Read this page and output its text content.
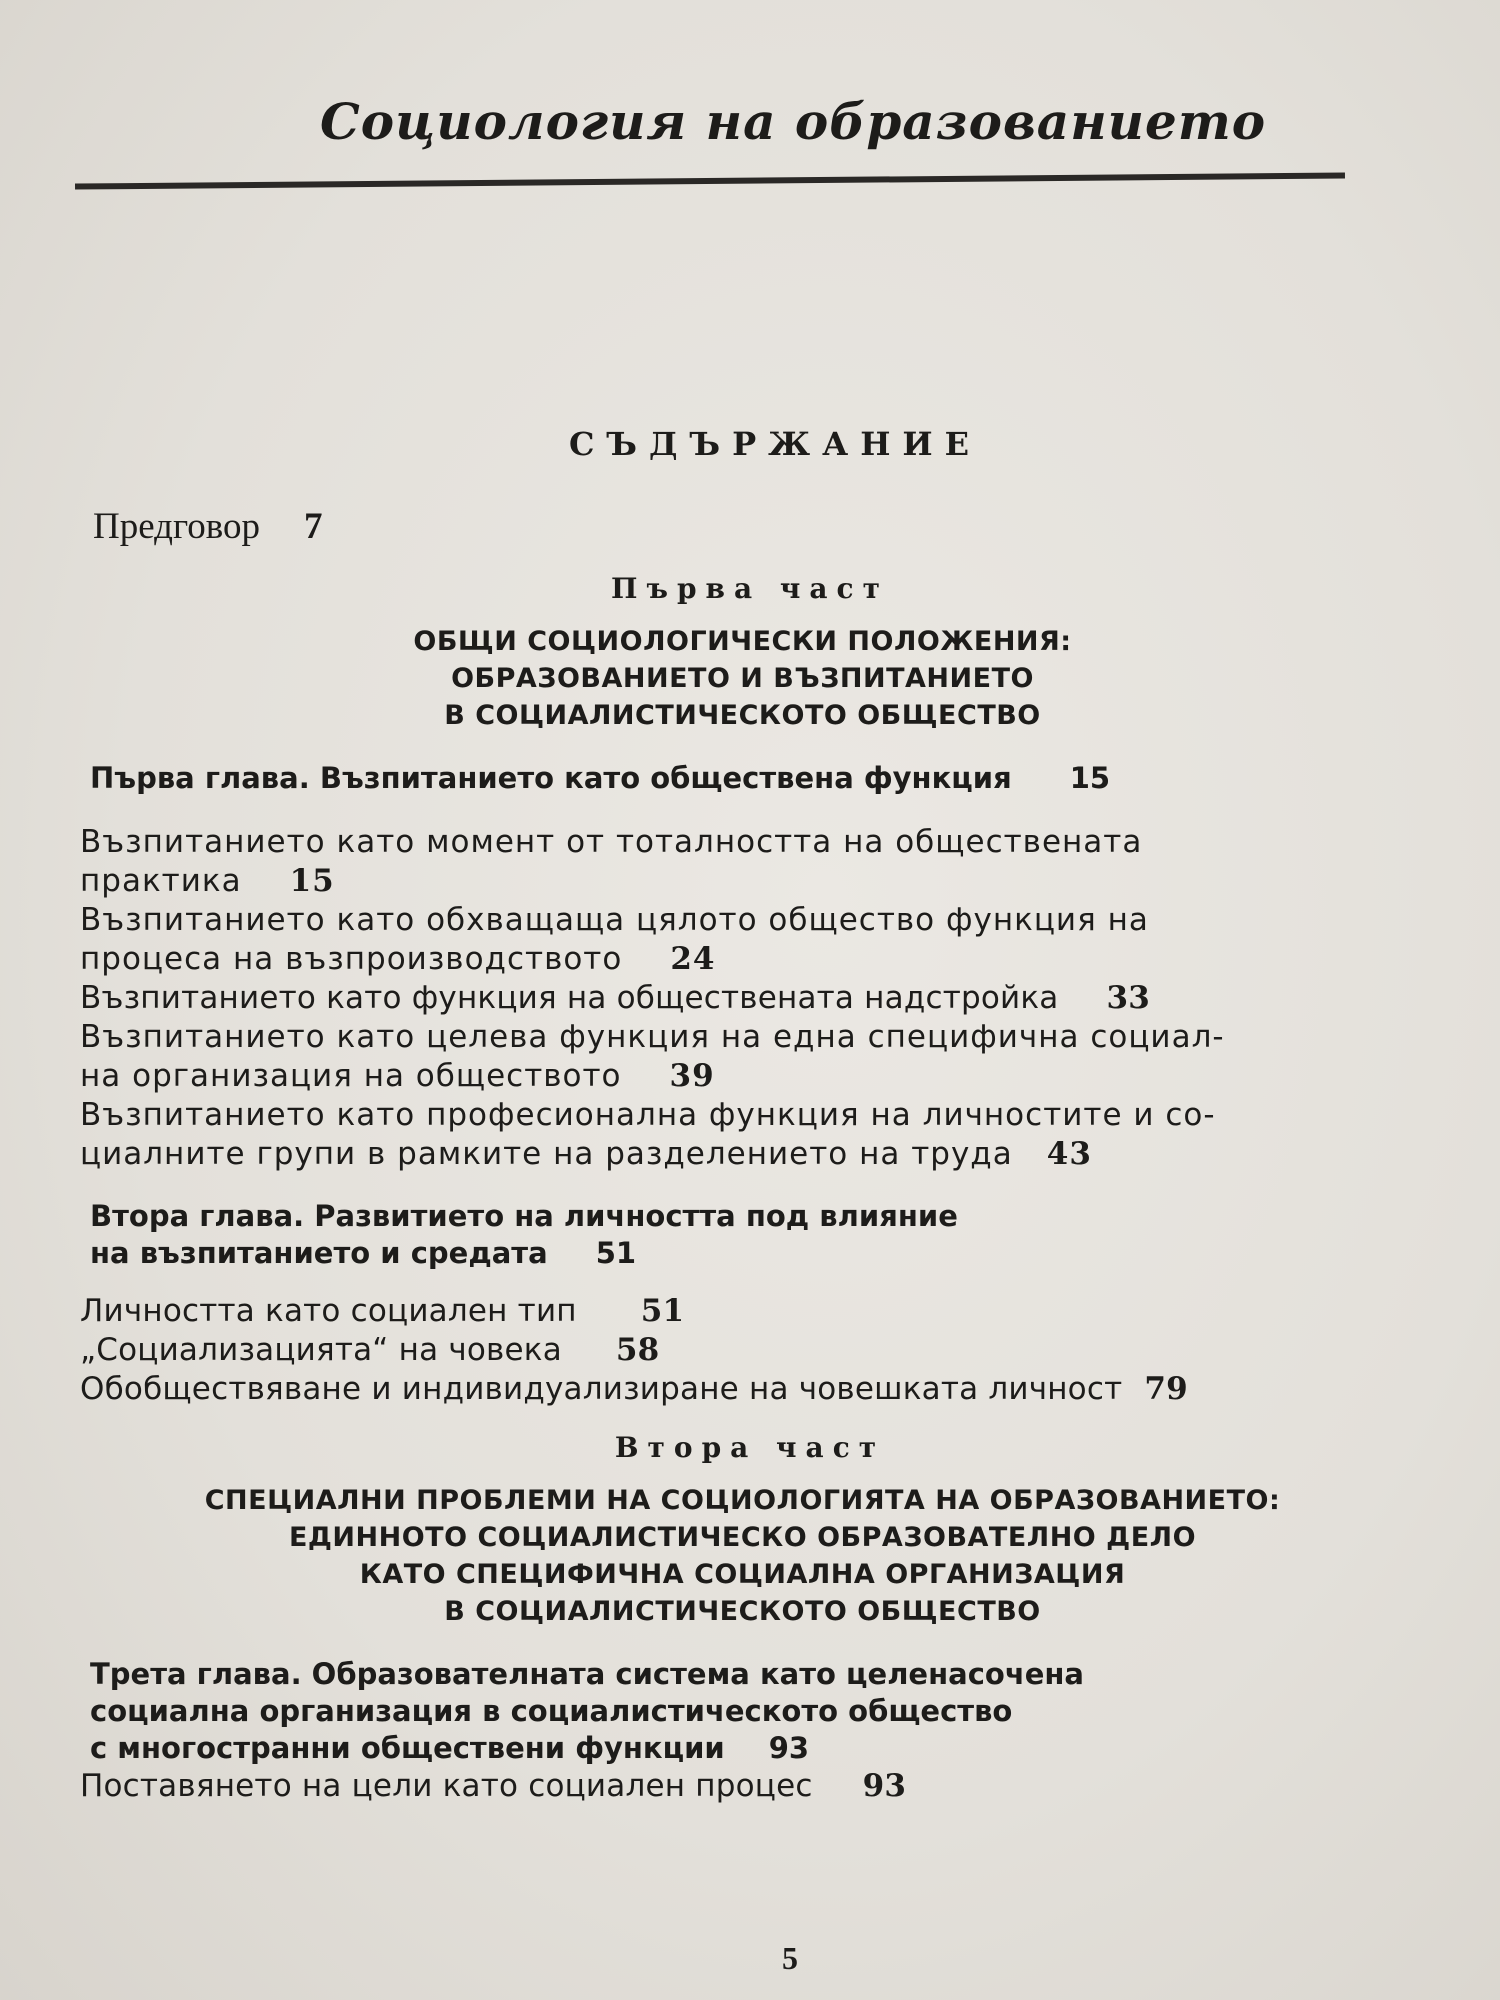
Социология на образованието
СЪДЪРЖАНИЕ
Предговор 7
Първа част
ОБЩИ СОЦИОЛОГИЧЕСКИ ПОЛОЖЕНИЯ:
ОБРАЗОВАНИЕТО И ВЪЗПИТАНИЕТО
В СОЦИАЛИСТИЧЕСКОТО ОБЩЕСТВО
Първа глава. Възпитанието като обществена функция 15
Възпитанието като момент от тоталността на обществената
практика 15
Възпитанието като обхващаща цялото общество функция на
процеса на възпроизводството 24
Възпитанието като функция на обществената надстройка 33
Възпитанието като целева функция на една специфична социал-
на организация на обществото 39
Възпитанието като професионална функция на личностите и со-
циалните групи в рамките на разделението на труда 43
Втора глава. Развитието на личността под влияние
на възпитанието и средата 51
Личността като социален тип 51
„Социализацията“ на човека 58
Обобществяване и индивидуализиране на човешката личност 79
Втора част
СПЕЦИАЛНИ ПРОБЛЕМИ НА СОЦИОЛОГИЯТА НА ОБРАЗОВАНИЕТО:
ЕДИННОТО СОЦИАЛИСТИЧЕСКО ОБРАЗОВАТЕЛНО ДЕЛО
КАТО СПЕЦИФИЧНА СОЦИАЛНА ОРГАНИЗАЦИЯ
В СОЦИАЛИСТИЧЕСКОТО ОБЩЕСТВО
Трета глава. Образователната система като целенасочена
социална организация в социалистическото общество
с многостранни обществени функции 93
Поставянето на цели като социален процес 93
5
